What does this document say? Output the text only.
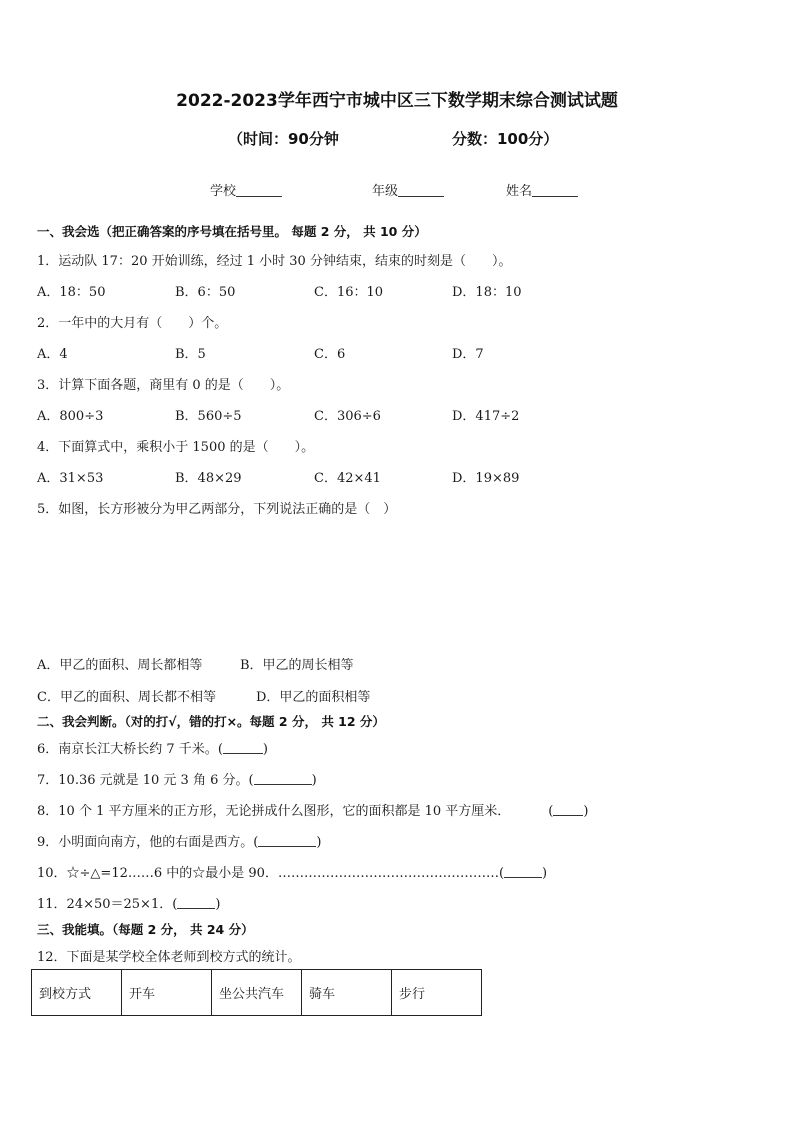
2022-2023学年西宁市城中区三下数学期末综合测试试题
（时间：90分钟	分数：100分）
学校	年级	姓名
一、我会选（把正确答案的序号填在括号里。 每题 2 分， 共 10 分）
1．运动队 17：20 开始训练，经过 1 小时 30 分钟结束，结束的时刻是（　　）。
A．18：50	B．6：50	C．16：10	D．18：10
2．一年中的大月有（　　）个。
A．4	B．5	C．6	D．7
3．计算下面各题，商里有 0 的是（　　）。
A．800÷3	B．560÷5	C．306÷6	D．417÷2
4．下面算式中，乘积小于 1500 的是（　　）。
A．31×53	B．48×29	C．42×41	D．19×89
5．如图，长方形被分为甲乙两部分，下列说法正确的是（　）
A．甲乙的面积、周长都相等	B．甲乙的周长相等
C．甲乙的面积、周长都不相等	D．甲乙的面积相等
二、我会判断。（对的打√，错的打×。每题 2 分， 共 12 分）
6．南京长江大桥长约 7 千米。(	)
7．10.36 元就是 10 元 3 角 6 分。(	)
8．10 个 1 平方厘米的正方形，无论拼成什么图形，它的面积都是 10 平方厘米．	( )
9．小明面向南方，他的右面是西方。(	)
10．☆÷△=12……6 中的☆最小是 90．……………………………………………(	)
11．24×50＝25×1．(	)
三、我能填。（每题 2 分， 共 24 分）
12．下面是某学校全体老师到校方式的统计。
到校方式	开车	坐公共汽车	骑车	步行
